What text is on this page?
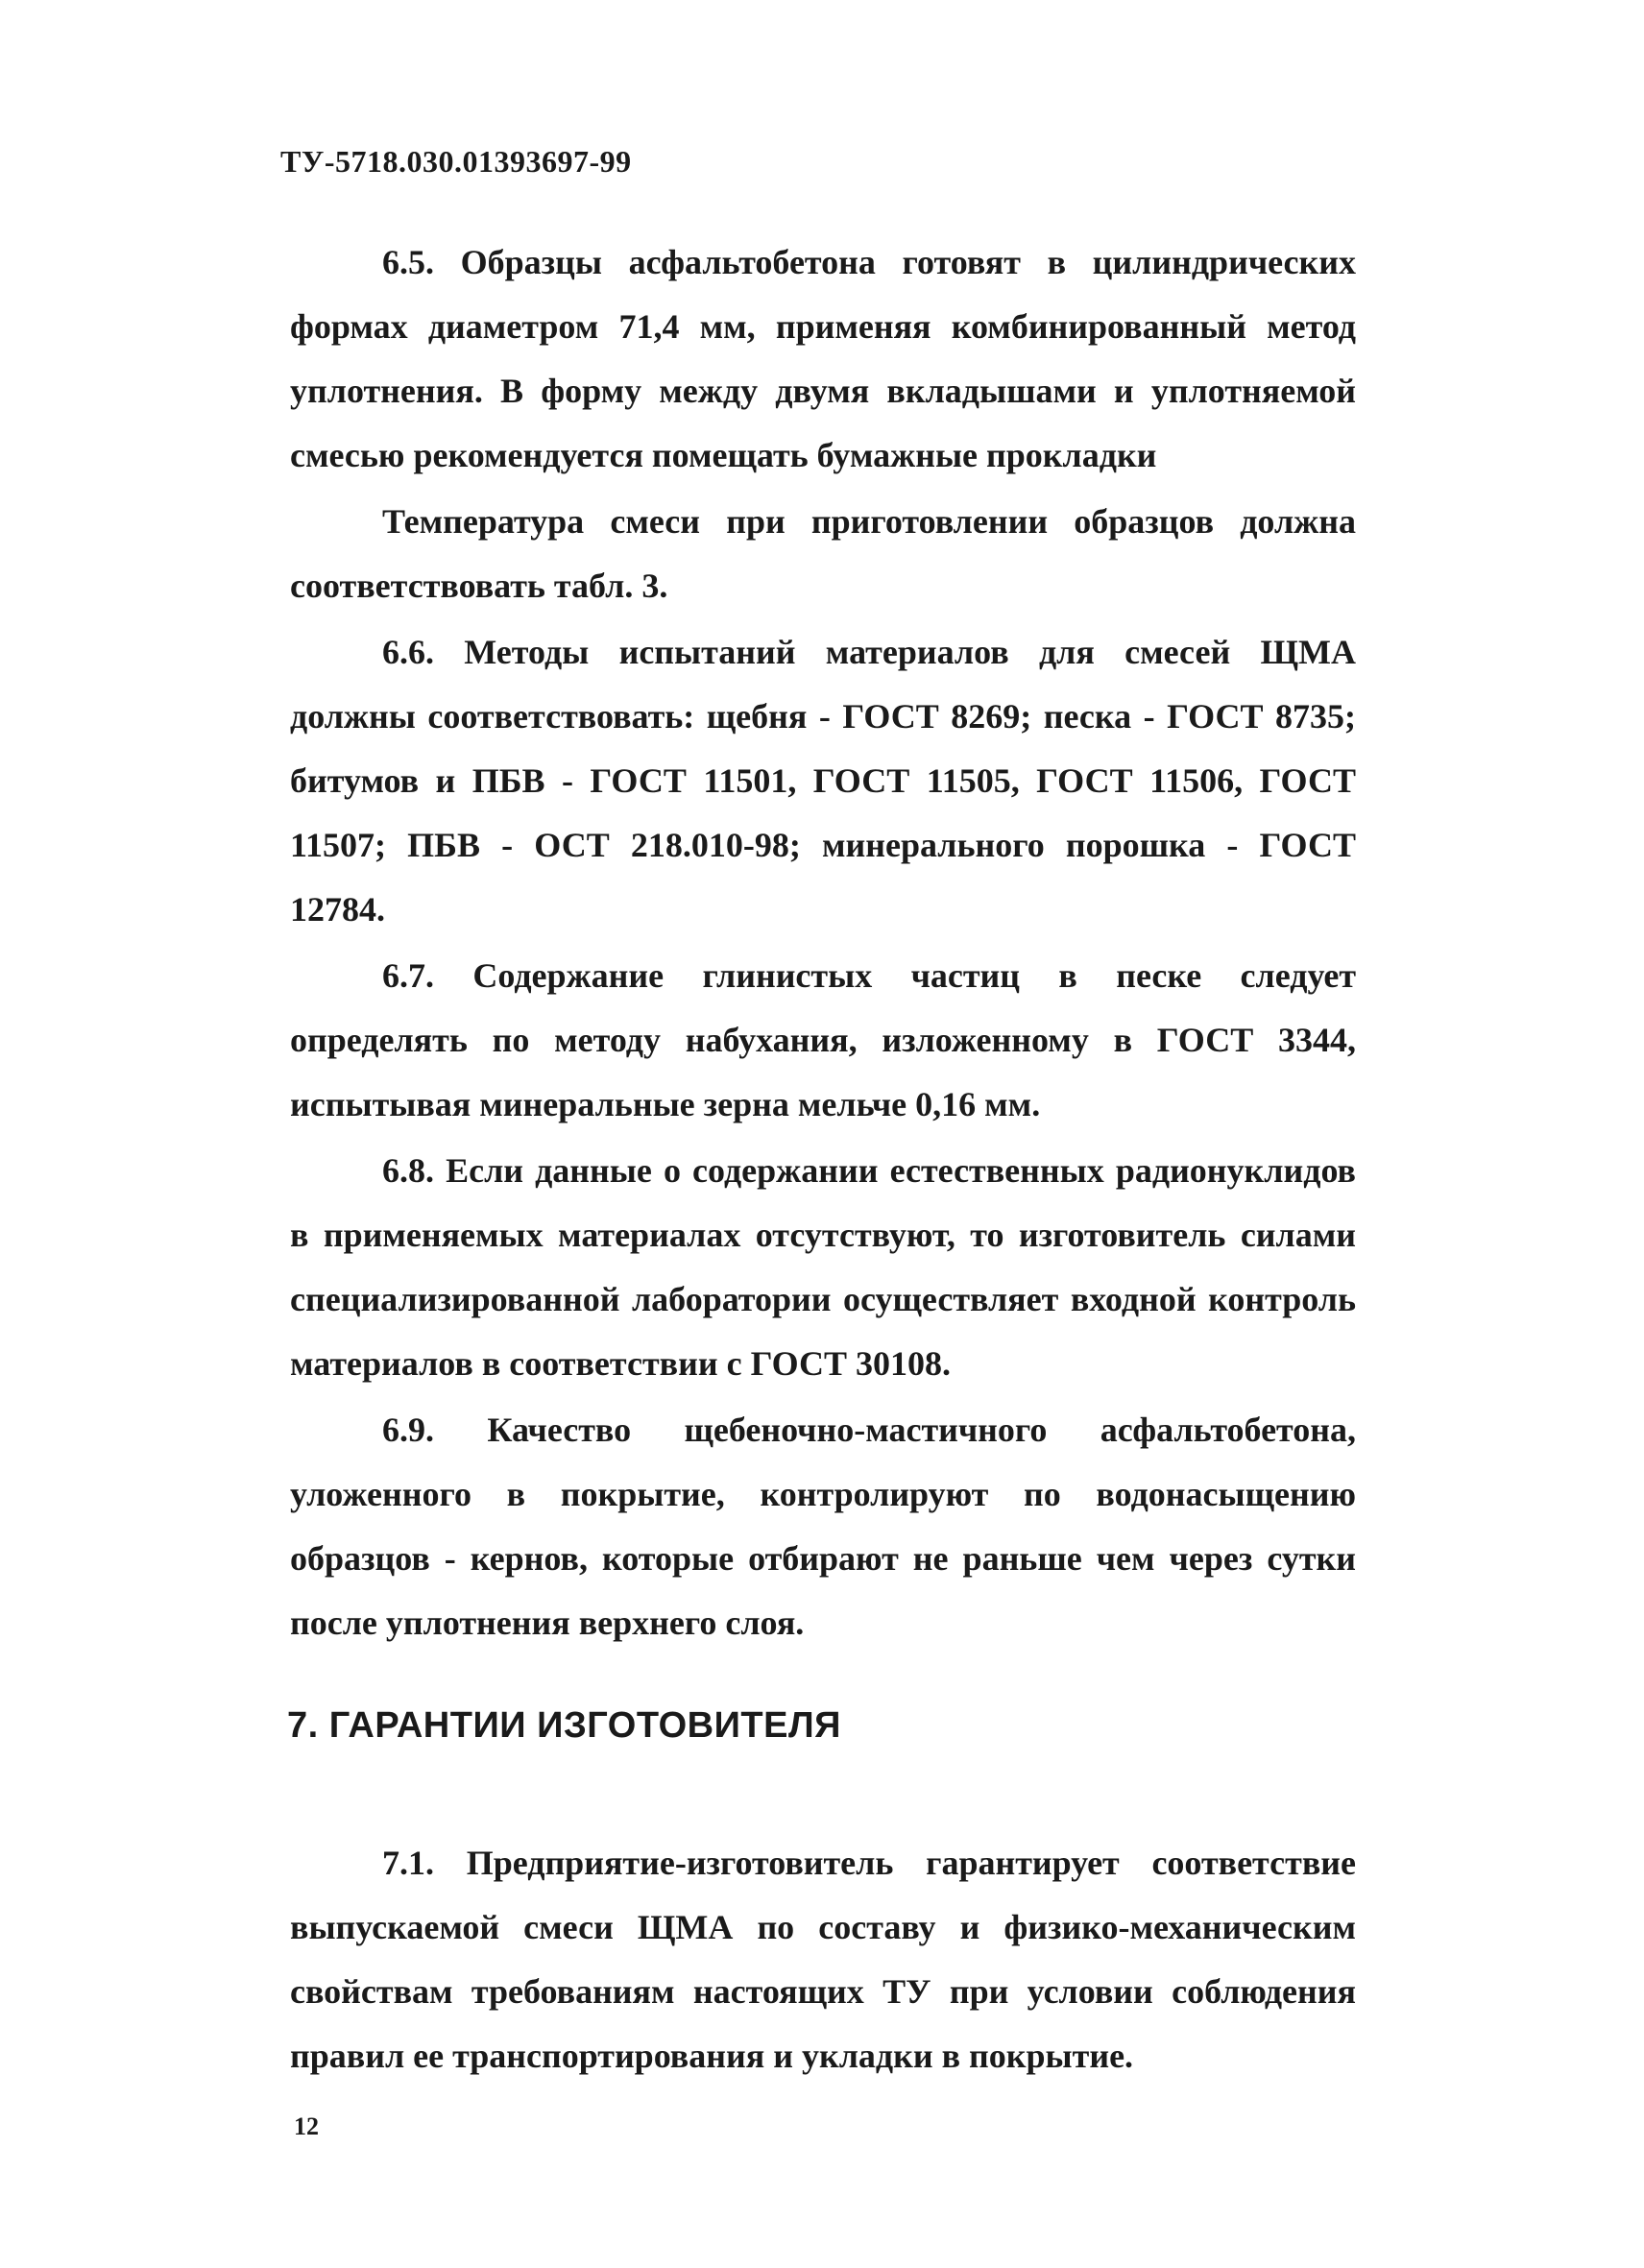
ТУ-5718.030.01393697-99

6.5. Образцы асфальтобетона готовят в цилиндрических формах диаметром 71,4 мм, применяя комбинированный метод уплотнения. В форму между двумя вкладышами и уплотняемой смесью рекомендуется помещать бумажные прокладки

Температура смеси при приготовлении образцов должна соответствовать табл. 3.

6.6. Методы испытаний материалов для смесей ЩМА должны соответствовать: щебня - ГОСТ 8269; песка - ГОСТ 8735; битумов и ПБВ - ГОСТ 11501, ГОСТ 11505, ГОСТ 11506, ГОСТ 11507; ПБВ - ОСТ 218.010-98; минерального порошка - ГОСТ 12784.

6.7. Содержание глинистых частиц в песке следует определять по методу набухания, изложенному в ГОСТ 3344, испытывая минеральные зерна мельче 0,16 мм.

6.8. Если данные о содержании естественных радионуклидов в применяемых материалах отсутствуют, то изготовитель силами специализированной лаборатории осуществляет входной контроль материалов в соответствии с ГОСТ 30108.

6.9. Качество щебеночно-мастичного асфальтобетона, уложенного в покрытие, контролируют по водонасыщению образцов - кернов, которые отбирают не раньше чем через сутки после уплотнения верхнего слоя.

7. ГАРАНТИИ ИЗГОТОВИТЕЛЯ

7.1. Предприятие-изготовитель гарантирует соответствие выпускаемой смеси ЩМА по составу и физико-механическим свойствам требованиям настоящих ТУ при условии соблюдения правил ее транспортирования и укладки в покрытие.

12
